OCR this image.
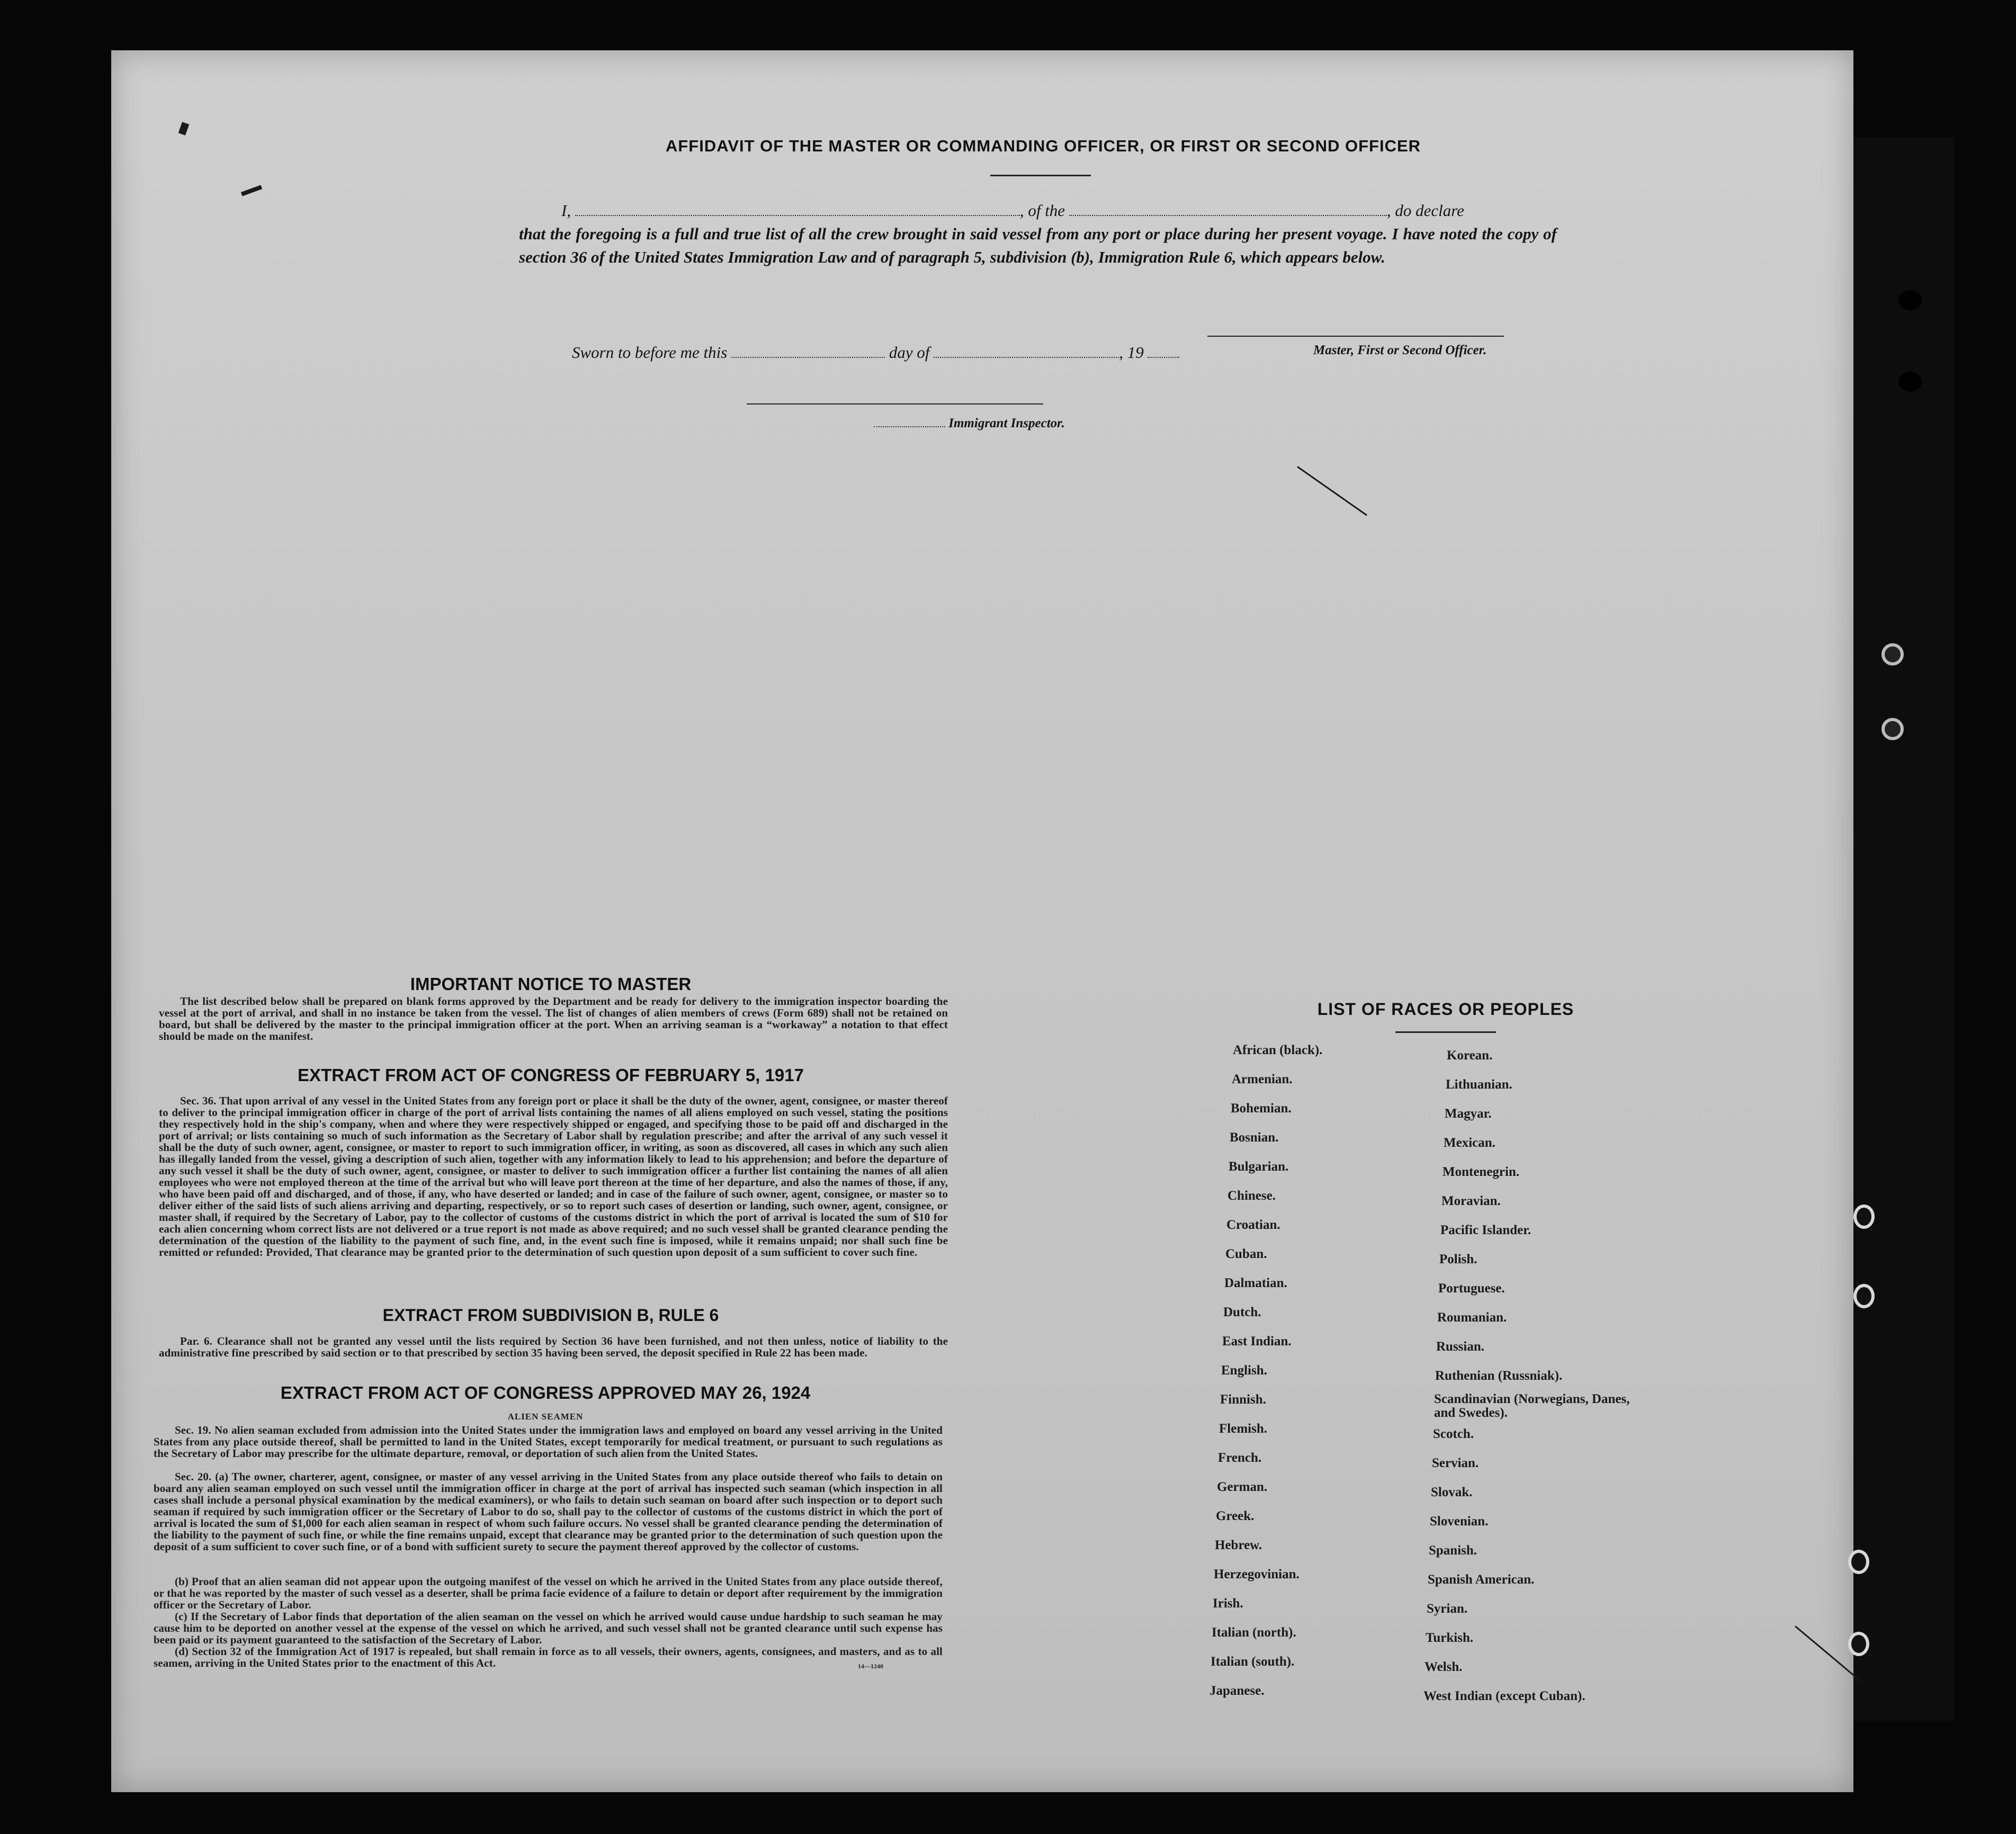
AFFIDAVIT OF THE MASTER OR COMMANDING OFFICER, OR FIRST OR SECOND OFFICER
I,	, of the	, do declare
that the foregoing is a full and true list of all the crew brought in said vessel from any port or place during her present voyage. I have noted the copy of section 36 of the United States Immigration Law and of paragraph 5, subdivision (b), Immigration Rule 6, which appears below.
Master, First or Second Officer.
Sworn to before me this	day of	, 19
Immigrant Inspector.
IMPORTANT NOTICE TO MASTER
The list described below shall be prepared on blank forms approved by the Department and be ready for delivery to the immigration inspector boarding the vessel at the port of arrival, and shall in no instance be taken from the vessel. The list of changes of alien members of crews (Form 689) shall not be retained on board, but shall be delivered by the master to the principal immigration officer at the port. When an arriving seaman is a “workaway” a notation to that effect should be made on the manifest.
EXTRACT FROM ACT OF CONGRESS OF FEBRUARY 5, 1917
Sec. 36. That upon arrival of any vessel in the United States from any foreign port or place it shall be the duty of the owner, agent, consignee, or master thereof to deliver to the principal immigration officer in charge of the port of arrival lists containing the names of all aliens employed on such vessel, stating the positions they respectively hold in the ship's company, when and where they were respectively shipped or engaged, and specifying those to be paid off and discharged in the port of arrival; or lists containing so much of such information as the Secretary of Labor shall by regulation prescribe; and after the arrival of any such vessel it shall be the duty of such owner, agent, consignee, or master to report to such immigration officer, in writing, as soon as discovered, all cases in which any such alien has illegally landed from the vessel, giving a description of such alien, together with any information likely to lead to his apprehension; and before the departure of any such vessel it shall be the duty of such owner, agent, consignee, or master to deliver to such immigration officer a further list containing the names of all alien employees who were not employed thereon at the time of the arrival but who will leave port thereon at the time of her departure, and also the names of those, if any, who have been paid off and discharged, and of those, if any, who have deserted or landed; and in case of the failure of such owner, agent, consignee, or master so to deliver either of the said lists of such aliens arriving and departing, respectively, or so to report such cases of desertion or landing, such owner, agent, consignee, or master shall, if required by the Secretary of Labor, pay to the collector of customs of the customs district in which the port of arrival is located the sum of $10 for each alien concerning whom correct lists are not delivered or a true report is not made as above required; and no such vessel shall be granted clearance pending the determination of the question of the liability to the payment of such fine, and, in the event such fine is imposed, while it remains unpaid; nor shall such fine be remitted or refunded: Provided, That clearance may be granted prior to the determination of such question upon deposit of a sum sufficient to cover such fine.
EXTRACT FROM SUBDIVISION B, RULE 6
Par. 6. Clearance shall not be granted any vessel until the lists required by Section 36 have been furnished, and not then unless, notice of liability to the administrative fine prescribed by said section or to that prescribed by section 35 having been served, the deposit specified in Rule 22 has been made.
EXTRACT FROM ACT OF CONGRESS APPROVED MAY 26, 1924
ALIEN SEAMEN
Sec. 19. No alien seaman excluded from admission into the United States under the immigration laws and employed on board any vessel arriving in the United States from any place outside thereof, shall be permitted to land in the United States, except temporarily for medical treatment, or pursuant to such regulations as the Secretary of Labor may prescribe for the ultimate departure, removal, or deportation of such alien from the United States.
Sec. 20. (a) The owner, charterer, agent, consignee, or master of any vessel arriving in the United States from any place outside thereof who fails to detain on board any alien seaman employed on such vessel until the immigration officer in charge at the port of arrival has inspected such seaman (which inspection in all cases shall include a personal physical examination by the medical examiners), or who fails to detain such seaman on board after such inspection or to deport such seaman if required by such immigration officer or the Secretary of Labor to do so, shall pay to the collector of customs of the customs district in which the port of arrival is located the sum of $1,000 for each alien seaman in respect of whom such failure occurs. No vessel shall be granted clearance pending the determination of the liability to the payment of such fine, or while the fine remains unpaid, except that clearance may be granted prior to the determination of such question upon the deposit of a sum sufficient to cover such fine, or of a bond with sufficient surety to secure the payment thereof approved by the collector of customs.
(b) Proof that an alien seaman did not appear upon the outgoing manifest of the vessel on which he arrived in the United States from any place outside thereof, or that he was reported by the master of such vessel as a deserter, shall be prima facie evidence of a failure to detain or deport after requirement by the immigration officer or the Secretary of Labor.
(c) If the Secretary of Labor finds that deportation of the alien seaman on the vessel on which he arrived would cause undue hardship to such seaman he may cause him to be deported on another vessel at the expense of the vessel on which he arrived, and such vessel shall not be granted clearance until such expense has been paid or its payment guaranteed to the satisfaction of the Secretary of Labor.
(d) Section 32 of the Immigration Act of 1917 is repealed, but shall remain in force as to all vessels, their owners, agents, consignees, and masters, and as to all seamen, arriving in the United States prior to the enactment of this Act.	14—1240
LIST OF RACES OR PEOPLES
African (black).
Armenian.
Bohemian.
Bosnian.
Bulgarian.
Chinese.
Croatian.
Cuban.
Dalmatian.
Dutch.
East Indian.
English.
Finnish.
Flemish.
French.
German.
Greek.
Hebrew.
Herzegovinian.
Irish.
Italian (north).
Italian (south).
Japanese.
Korean.
Lithuanian.
Magyar.
Mexican.
Montenegrin.
Moravian.
Pacific Islander.
Polish.
Portuguese.
Roumanian.
Russian.
Ruthenian (Russniak).
Scandinavian (Norwegians, Danes, and Swedes).
Scotch.
Servian.
Slovak.
Slovenian.
Spanish.
Spanish American.
Syrian.
Turkish.
Welsh.
West Indian (except Cuban).
